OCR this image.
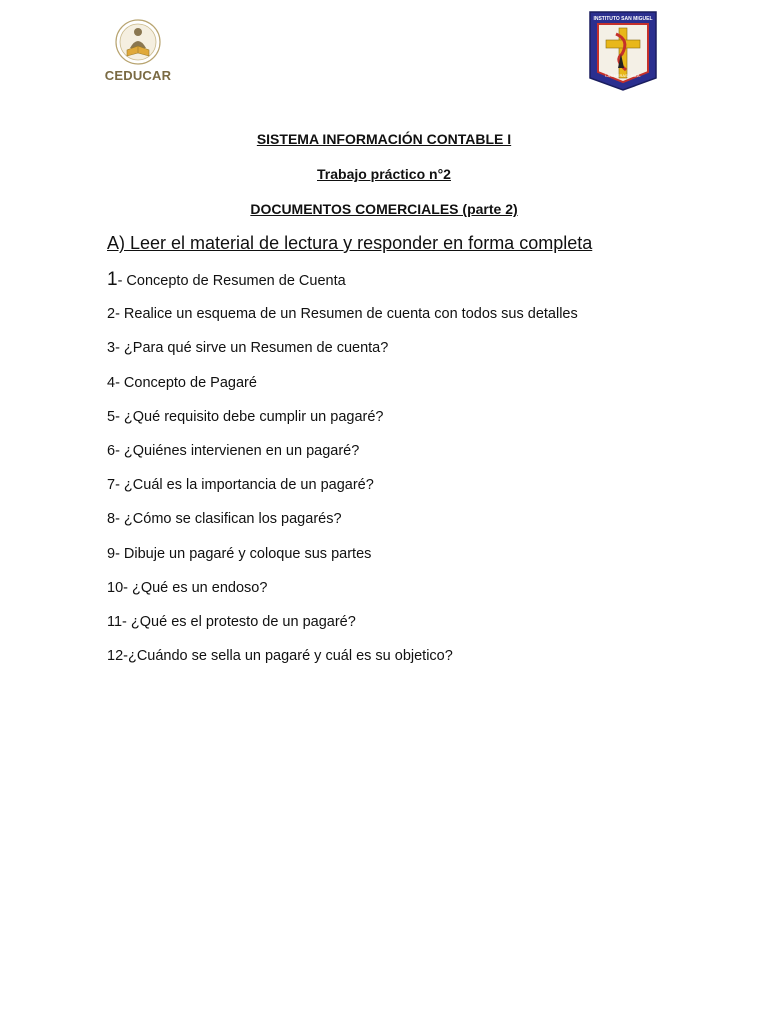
CEDUCAR
INSTITUTO SAN MIGUEL
LAS HERAS · MZA.
SISTEMA INFORMACIÓN CONTABLE I
Trabajo práctico n°2
DOCUMENTOS COMERCIALES (parte 2)
A) Leer el material de lectura y responder en forma completa
1- Concepto de Resumen de Cuenta
2- Realice un esquema de un Resumen de cuenta con todos sus detalles
3- ¿Para qué sirve un Resumen de cuenta?
4- Concepto de Pagaré
5- ¿Qué requisito debe cumplir un pagaré?
6- ¿Quiénes intervienen en un pagaré?
7- ¿Cuál es la importancia de un pagaré?
8- ¿Cómo se clasifican los pagarés?
9- Dibuje un pagaré y coloque sus partes
10- ¿Qué es un endoso?
11- ¿Qué es el protesto de un pagaré?
12-¿Cuándo se sella un pagaré y cuál es su objetico?
